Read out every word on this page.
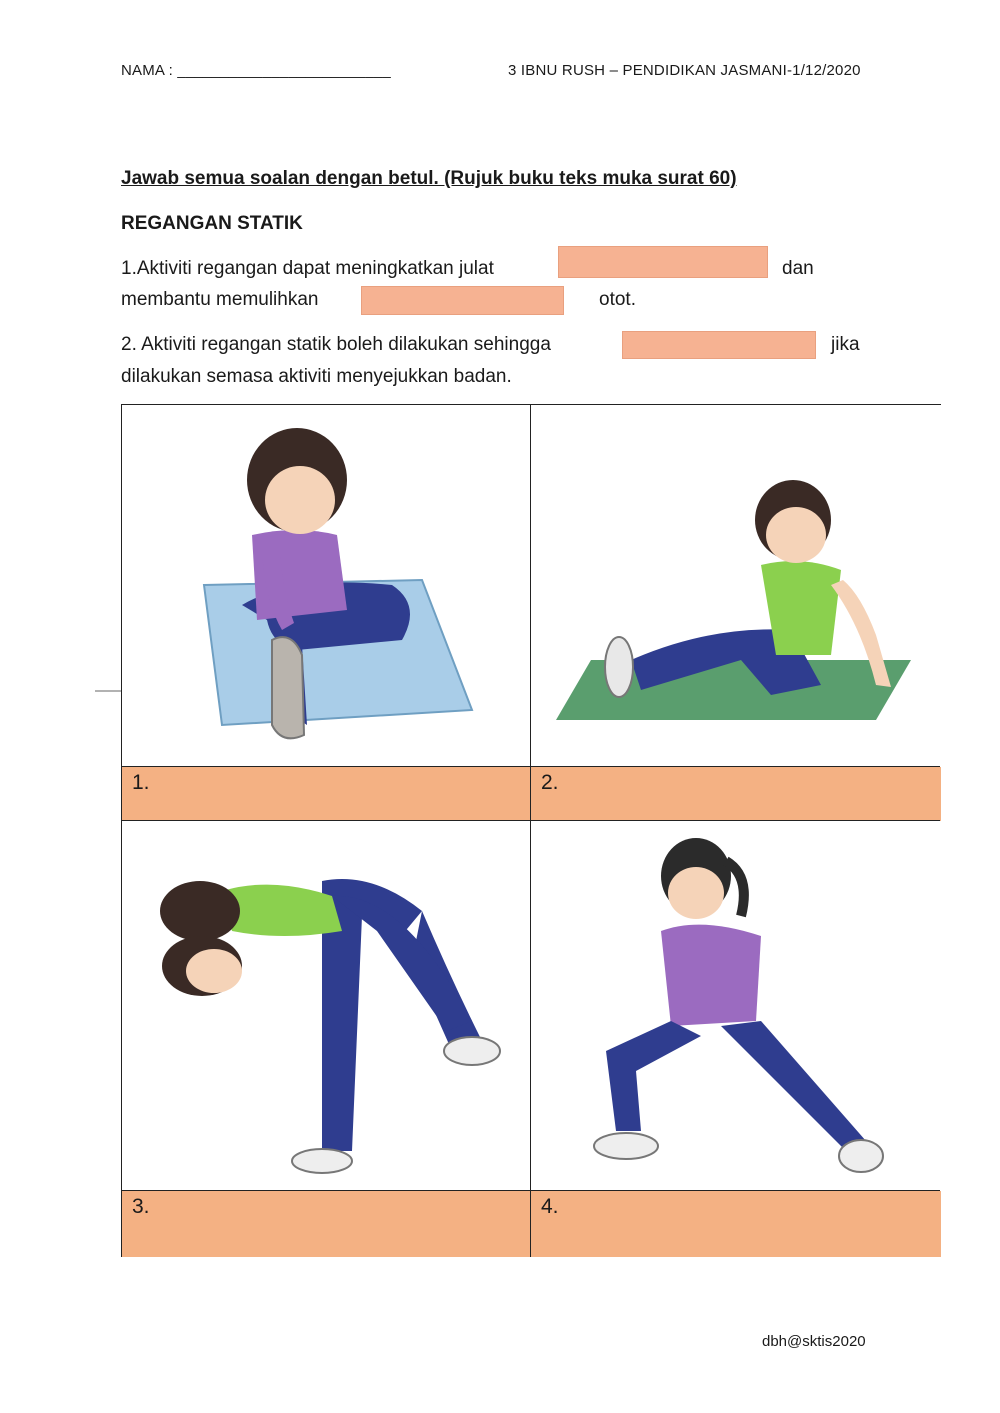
NAMA : _________________________	3 IBNU RUSH – PENDIDIKAN JASMANI-1/12/2020
Jawab semua soalan dengan betul. (Rujuk buku teks muka surat 60)
REGANGAN STATIK
1.Aktiviti regangan dapat meningkatkan julat	dan
membantu memulihkan	otot.
2. Aktiviti regangan statik boleh dilakukan sehingga	jika
dilakukan semasa aktiviti menyejukkan badan.
1.	2.
3.	4.
dbh@sktis2020
